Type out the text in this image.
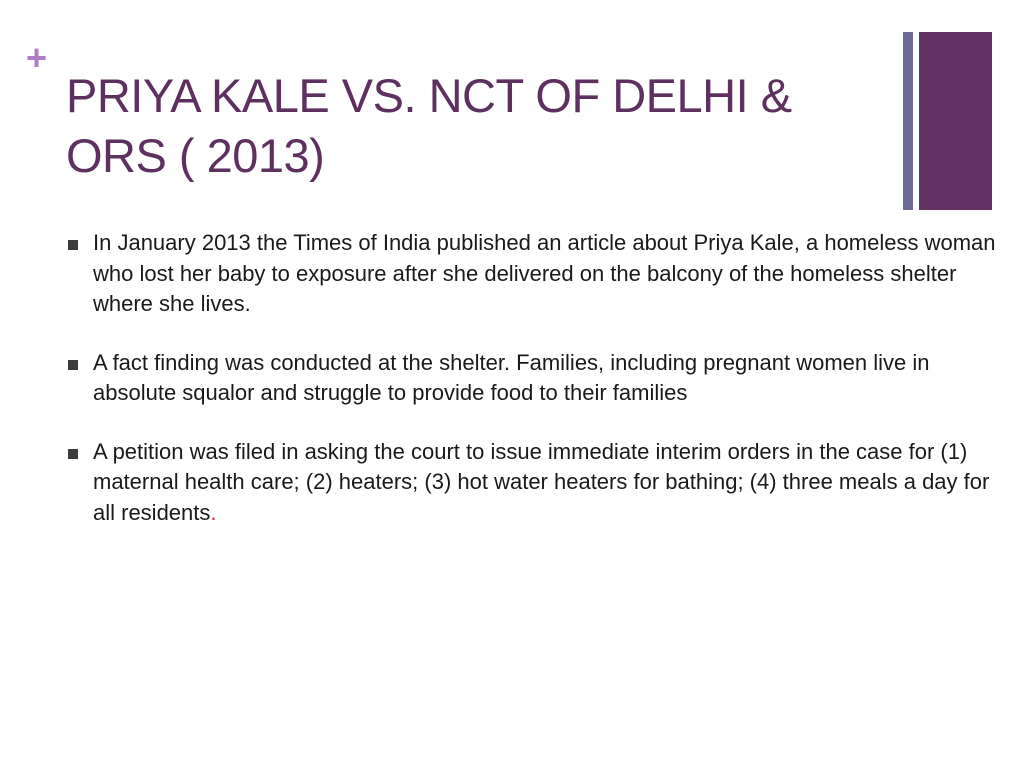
+
PRIYA KALE VS. NCT OF DELHI & ORS ( 2013)
In January 2013 the Times of India published an article about Priya Kale, a homeless woman who lost her baby to exposure after she delivered on the balcony of the homeless shelter where she lives.
A fact finding was conducted at the shelter. Families, including pregnant women live in absolute squalor and struggle to provide food to their families
A petition was filed in asking the court to issue immediate interim orders in the case for (1) maternal health care; (2) heaters; (3) hot water heaters for bathing; (4) three meals a day for all residents.
